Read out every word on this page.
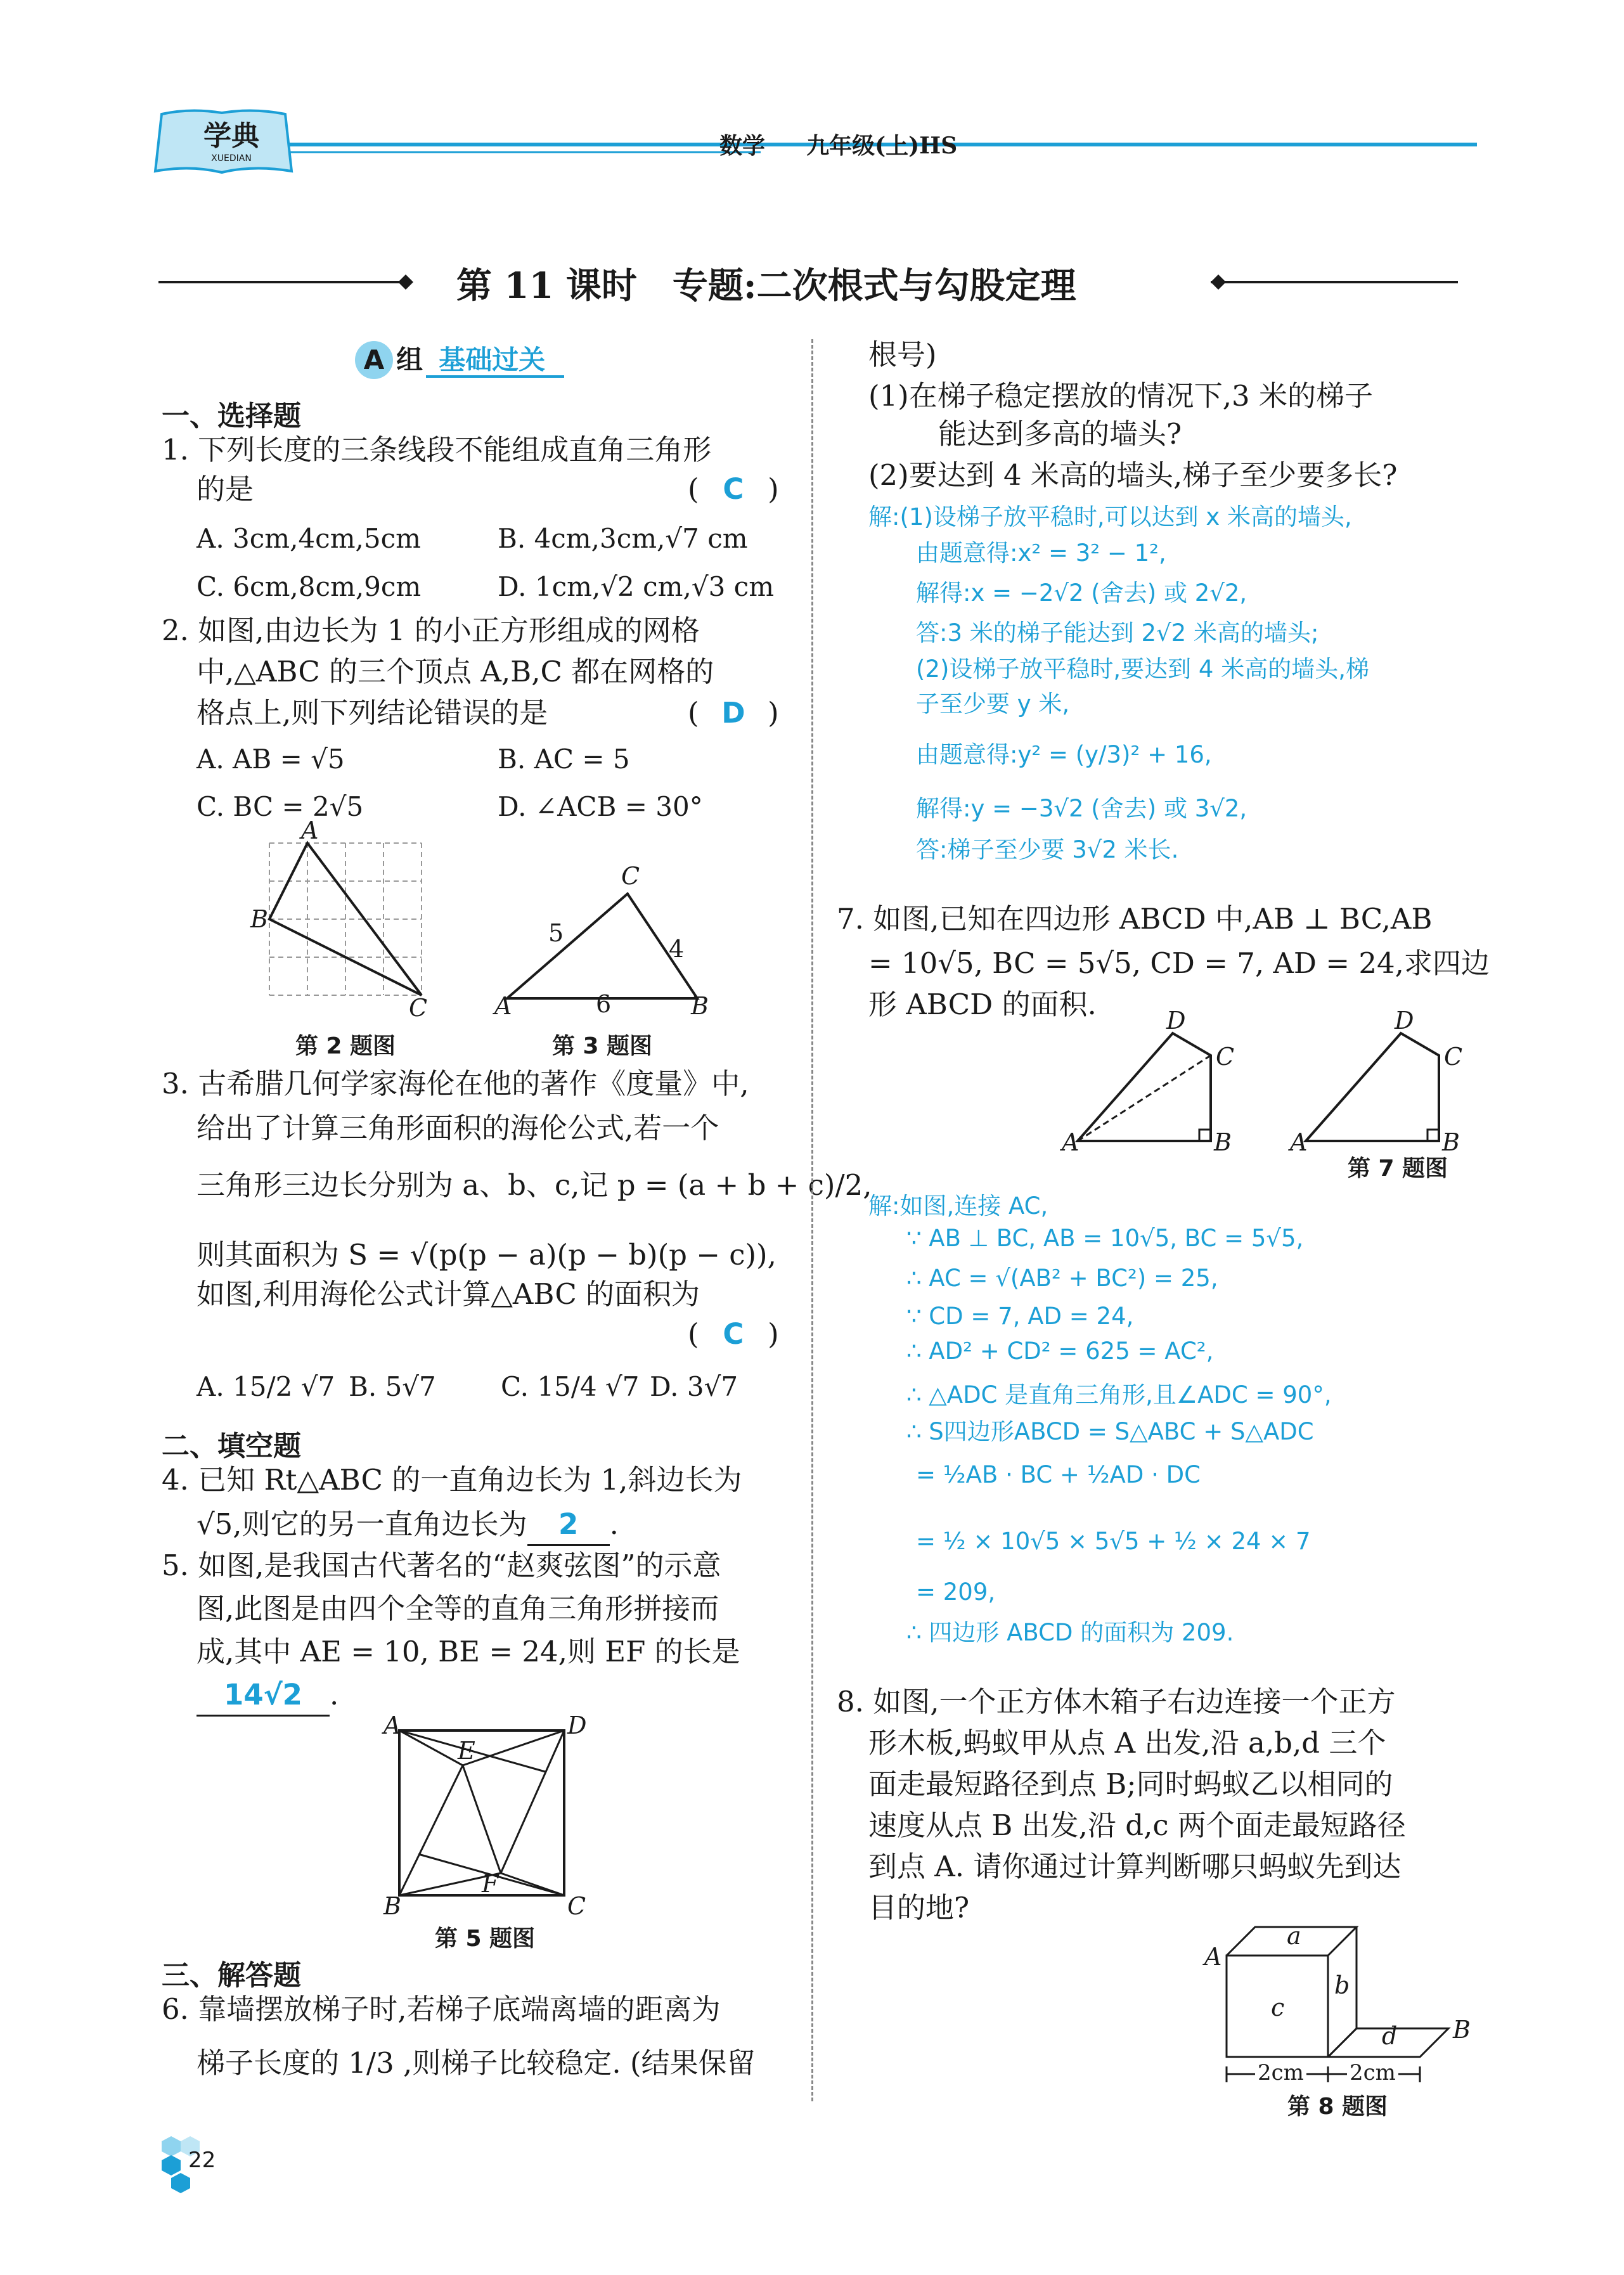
学典
XUEDIAN	数学 九年级(上)HS
第 11 课时　专题:二次根式与勾股定理
A 组 基础过关
一、选择题
1. 下列长度的三条线段不能组成直角三角形
的是	( C )
A. 3cm,4cm,5cm	B. 4cm,3cm,√7 cm
C. 6cm,8cm,9cm	D. 1cm,√2 cm,√3 cm
2. 如图,由边长为 1 的小正方形组成的网格
中,△ABC 的三个顶点 A,B,C 都在网格的
格点上,则下列结论错误的是	( D )
A. AB = √5	B. AC = 5
C. BC = 2√5	D. ∠ACB = 30°
A
B
C
第 2 题图
C
A	B
5
4
6
第 3 题图
3. 古希腊几何学家海伦在他的著作《度量》中,
给出了计算三角形面积的海伦公式,若一个
三角形三边长分别为 a、b、c,记 p = (a + b + c)/2,
则其面积为 S = √(p(p − a)(p − b)(p − c)),
如图,利用海伦公式计算△ABC 的面积为
( C )
A. 15/2 √7 B. 5√7 C. 15/4 √7 D. 3√7
二、填空题
4. 已知 Rt△ABC 的一直角边长为 1,斜边长为
√5,则它的另一直角边长为 2 .
5. 如图,是我国古代著名的“赵爽弦图”的示意
图,此图是由四个全等的直角三角形拼接而
成,其中 AE = 10, BE = 24,则 EF 的长是
14√2 .
A	D
E
F
B	C
第 5 题图
三、解答题
6. 靠墙摆放梯子时,若梯子底端离墙的距离为
梯子长度的 1/3 ,则梯子比较稳定. (结果保留
根号)
(1)在梯子稳定摆放的情况下,3 米的梯子
能达到多高的墙头?
(2)要达到 4 米高的墙头,梯子至少要多长?
解:(1)设梯子放平稳时,可以达到 x 米高的墙头,
由题意得:x² = 3² − 1²,
解得:x = −2√2 (舍去) 或 2√2,
答:3 米的梯子能达到 2√2 米高的墙头;
(2)设梯子放平稳时,要达到 4 米高的墙头,梯
子至少要 y 米,
由题意得:y² = (y/3)² + 16,
解得:y = −3√2 (舍去) 或 3√2,
答:梯子至少要 3√2 米长.
7. 如图,已知在四边形 ABCD 中,AB ⊥ BC,AB
= 10√5, BC = 5√5, CD = 7, AD = 24,求四边
形 ABCD 的面积.	D
C
A	B
D
C
A	B
第 7 题图
解:如图,连接 AC,
∵ AB ⊥ BC, AB = 10√5, BC = 5√5,
∴ AC = √(AB² + BC²) = 25,
∵ CD = 7, AD = 24,
∴ AD² + CD² = 625 = AC²,
∴ △ADC 是直角三角形,且∠ADC = 90°,
∴ S四边形ABCD = S△ABC + S△ADC
= ½AB · BC + ½AD · DC
= ½ × 10√5 × 5√5 + ½ × 24 × 7
= 209,
∴ 四边形 ABCD 的面积为 209.
8. 如图,一个正方体木箱子右边连接一个正方
形木板,蚂蚁甲从点 A 出发,沿 a,b,d 三个
面走最短路径到点 B;同时蚂蚁乙以相同的
速度从点 B 出发,沿 d,c 两个面走最短路径
到点 A. 请你通过计算判断哪只蚂蚁先到达
目的地?
a
b
c
d
A
B
2cm 2cm
第 8 题图
22
